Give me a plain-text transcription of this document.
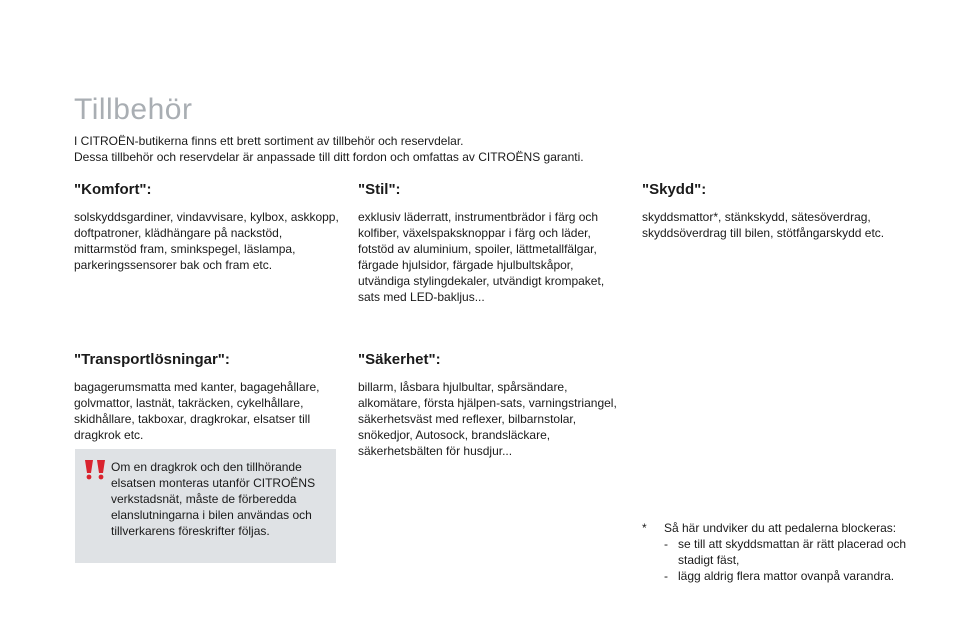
Tillbehör

I CITROËN-butikerna finns ett brett sortiment av tillbehör och reservdelar.

Dessa tillbehör och reservdelar är anpassade till ditt fordon och omfattas av CITROËNS garanti.

"Komfort":

solskyddsgardiner, vindavvisare, kylbox, askkopp, doftpatroner, klädhängare på nackstöd, mittarmstöd fram, sminkspegel, läslampa, parkeringssensorer bak och fram etc.

"Stil":

exklusiv läderratt, instrumentbrädor i färg och kolfiber, växelspaksknoppar i färg och läder, fotstöd av aluminium, spoiler, lättmetallfälgar, färgade hjulsidor, färgade hjulbultskåpor, utvändiga stylingdekaler, utvändigt krompaket, sats med LED-bakljus...

"Skydd":

skyddsmattor*, stänkskydd, sätesöverdrag, skyddsöverdrag till bilen, stötfångarskydd etc.

"Transportlösningar":

bagagerumsmatta med kanter, bagagehållare, golvmattor, lastnät, takräcken, cykelhållare, skidhållare, takboxar, dragkrokar, elsatser till dragkrok etc.

"Säkerhet":

billarm, låsbara hjulbultar, spårsändare, alkomätare, första hjälpen-sats, varningstriangel, säkerhetsväst med reflexer, bilbarnstolar, snökedjor, Autosock, brandsläckare, säkerhetsbälten för husdjur...

Om en dragkrok och den tillhörande elsatsen monteras utanför CITROËNS verkstadsnät, måste de förberedda elanslutningarna i bilen användas och tillverkarens föreskrifter följas.	* Så här undviker du att pedalerna blockeras:

- se till att skyddsmattan är rätt placerad och stadigt fäst,
- lägg aldrig flera mattor ovanpå varandra.
